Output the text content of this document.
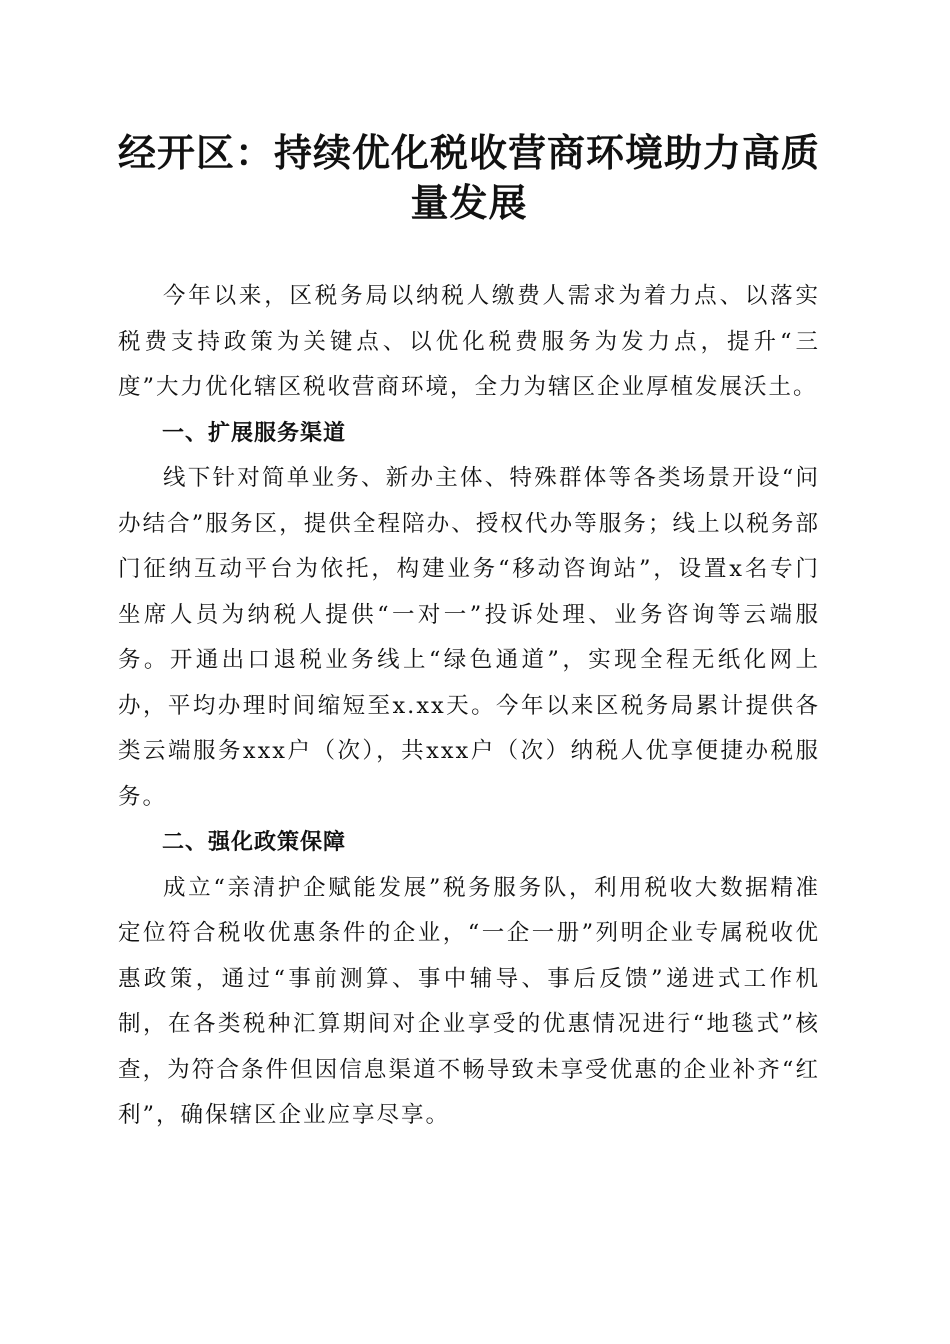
经开区：持续优化税收营商环境助力高质量发展

今年以来，区税务局以纳税人缴费人需求为着力点、以落实税费支持政策为关键点、以优化税费服务为发力点，提升“三度”大力优化辖区税收营商环境，全力为辖区企业厚植发展沃土。

一、扩展服务渠道

线下针对简单业务、新办主体、特殊群体等各类场景开设“问办结合”服务区，提供全程陪办、授权代办等服务；线上以税务部门征纳互动平台为依托，构建业务“移动咨询站”，设置x名专门坐席人员为纳税人提供“一对一”投诉处理、业务咨询等云端服务。开通出口退税业务线上“绿色通道”，实现全程无纸化网上办，平均办理时间缩短至x.xx天。今年以来区税务局累计提供各类云端服务xxx户（次），共xxx户（次）纳税人优享便捷办税服务。

二、强化政策保障

成立“亲清护企赋能发展”税务服务队，利用税收大数据精准定位符合税收优惠条件的企业，“一企一册”列明企业专属税收优惠政策，通过“事前测算、事中辅导、事后反馈”递进式工作机制，在各类税种汇算期间对企业享受的优惠情况进行“地毯式”核查，为符合条件但因信息渠道不畅导致未享受优惠的企业补齐“红利”，确保辖区企业应享尽享。
